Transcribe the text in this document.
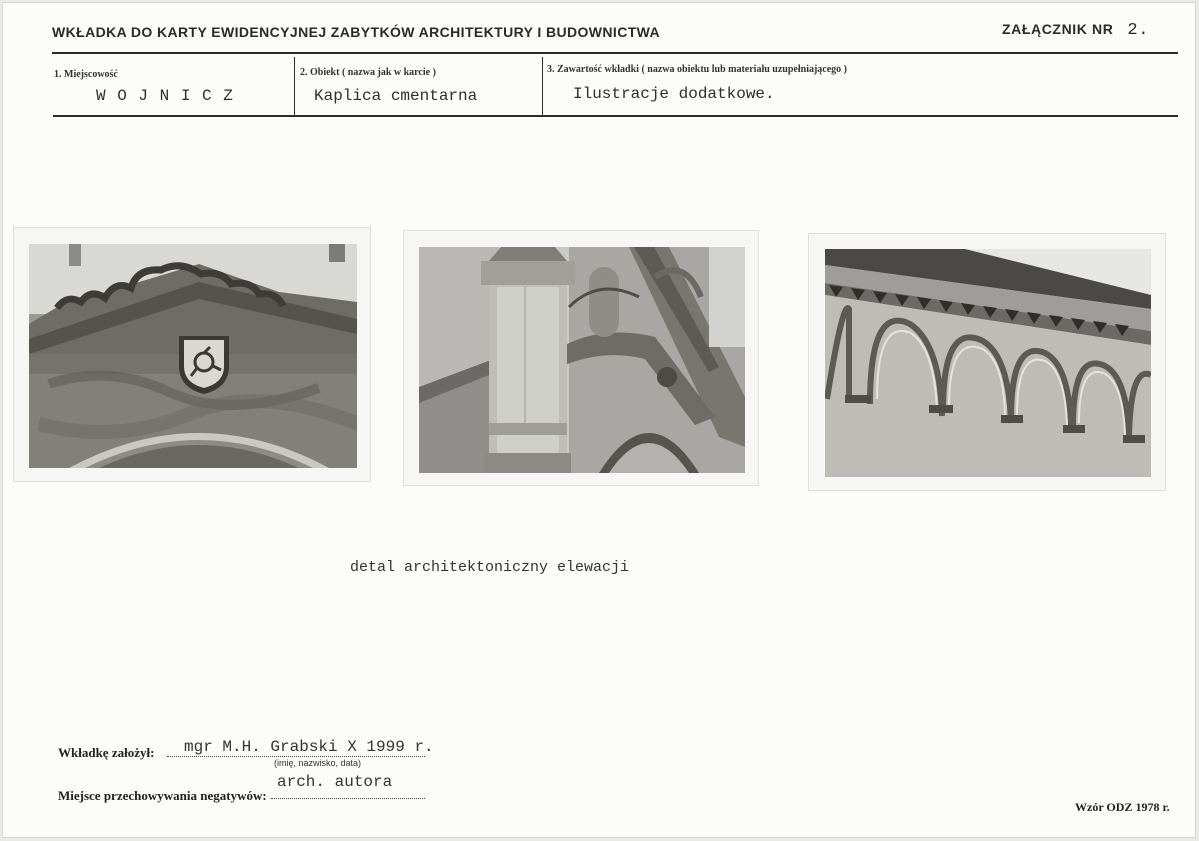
WKŁADKA DO KARTY EWIDENCYJNEJ ZABYTKÓW ARCHITEKTURY I BUDOWNICTWA	ZAŁĄCZNIK NR 2.
1. Miejscowość
W O J N I C Z
2. Obiekt ( nazwa jak w karcie )
Kaplica cmentarna
3. Zawartość wkładki ( nazwa obiektu lub materiału uzupełniającego )
Ilustracje dodatkowe.
detal architektoniczny elewacji
Wkładkę założył: mgr M.H. Grabski X 1999 r.
(imię, nazwisko, data)
Miejsce przechowywania negatywów:
arch. autora
Wzór ODZ 1978 r.
